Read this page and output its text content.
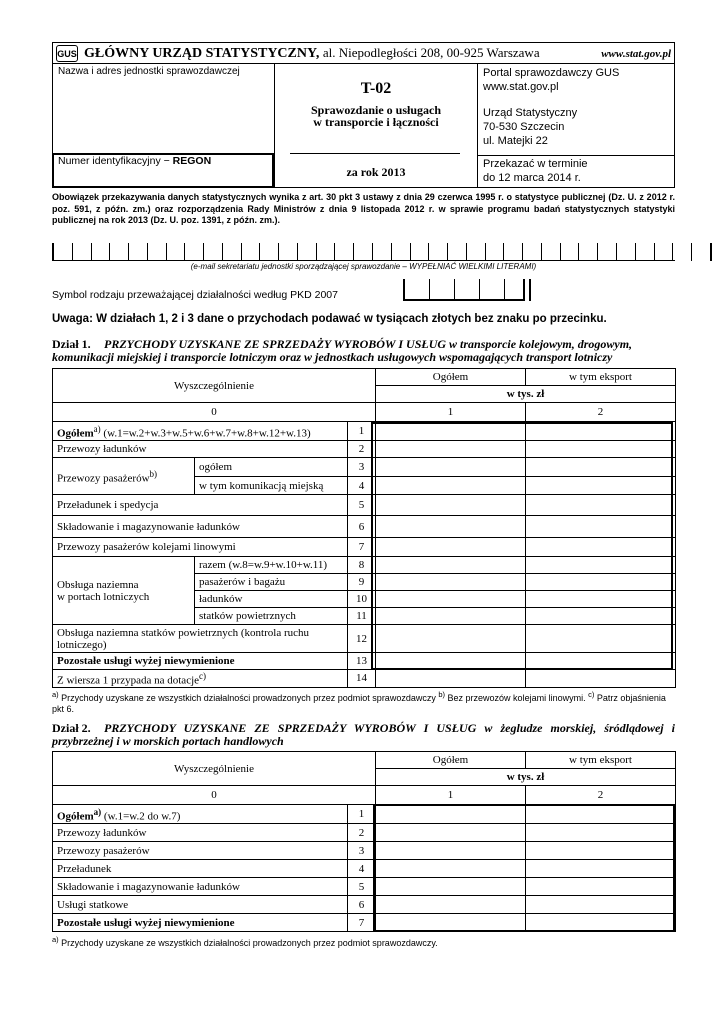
GUS GŁÓWNY URZĄD STATYSTYCZNY, al. Niepodległości 208, 00-925 Warszawa	www.stat.gov.pl
Nazwa i adres jednostki sprawozdawczej
T-02
Sprawozdanie o usługach
w transporcie i łączności
za rok 2013
Portal sprawozdawczy GUS
www.stat.gov.pl
Urząd Statystyczny
70-530 Szczecin
ul. Matejki 22
Przekazać w terminie
do 12 marca 2014 r.
Numer identyfikacyjny − REGON
Obowiązek przekazywania danych statystycznych wynika z art. 30 pkt 3 ustawy z dnia 29 czerwca 1995 r. o statystyce publicznej (Dz. U. z 2012 r. poz. 591, z późn. zm.) oraz rozporządzenia Rady Ministrów z dnia 9 listopada 2012 r. w sprawie programu badań statystycznych statystyki publicznej na rok 2013 (Dz. U. poz. 1391, z późn. zm.).
(e-mail sekretariatu jednostki sporządzającej sprawozdanie – WYPEŁNIAĆ WIELKIMI LITERAMI)
Symbol rodzaju przeważającej działalności według PKD 2007
Uwaga: W działach 1, 2 i 3 dane o przychodach podawać w tysiącach złotych bez znaku po przecinku.
Dział 1. PRZYCHODY UZYSKANE ZE SPRZEDAŻY WYROBÓW I USŁUG w transporcie kolejowym, drogowym, komunikacji miejskiej i transporcie lotniczym oraz w jednostkach usługowych wspomagających transport lotniczy
Wyszczególnienie			Ogółem	w tym eksport
			w tys. zł	
0			1	2
Ogółem$^{a)}$ (w.1=w.2+w.3+w.5+w.6+w.7+w.8+w.12+w.13)		1		
Przewozy ładunków		2		
Przewozy pasażerów$^{b)}$	ogółem	3		
	w tym komunikacją miejską	4		
Przeładunek i spedycja		5		
Składowanie i magazynowanie ładunków		6		
Przewozy pasażerów kolejami linowymi		7		

Obsługa naziemna
w portach lotniczych	razem (w.8=w.9+w.10+w.11)	8		
	pasażerów i bagażu	9		
	ładunków	10		
	statków powietrznych	11		
Obsługa naziemna statków powietrznych (kontrola ruchu lotniczego)		12		
Pozostałe usługi wyżej niewymienione		13		
Z wiersza 1 przypada na dotacje$^{c)}$		14		
$^{a)}$ Przychody uzyskane ze wszystkich działalności prowadzonych przez podmiot sprawozdawczy $^{b)}$ Bez przewozów kolejami linowymi. $^{c)}$ Patrz objaśnienia pkt 6.
Dział 2. PRZYCHODY UZYSKANE ZE SPRZEDAŻY WYROBÓW I USŁUG w żegludze morskiej, śródlądowej i przybrzeżnej i w morskich portach handlowych
Wyszczególnienie		Ogółem	w tym eksport
		w tys. zł	
0		1	2
Ogółem$^{a)}$ (w.1=w.2 do w.7)	1		
Przewozy ładunków	2		
Przewozy pasażerów	3		
Przeładunek	4		
Składowanie i magazynowanie ładunków	5		
Usługi statkowe	6		
Pozostałe usługi wyżej niewymienione	7		
$^{a)}$ Przychody uzyskane ze wszystkich działalności prowadzonych przez podmiot sprawozdawczy.
